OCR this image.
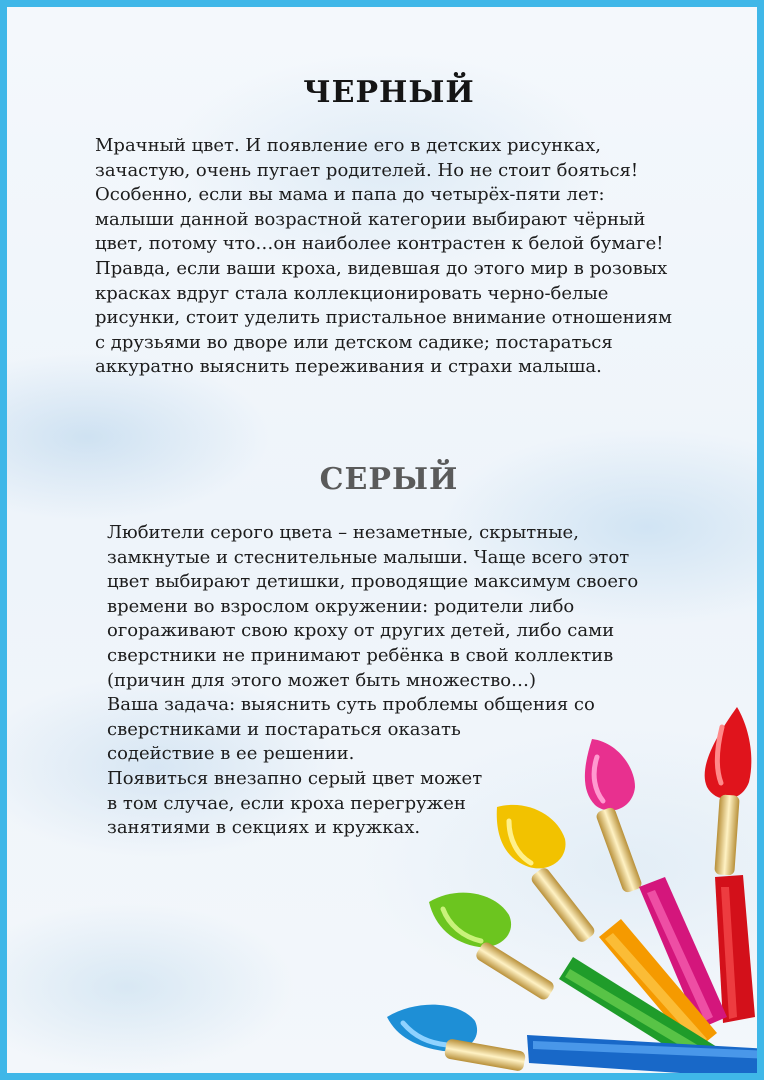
ЧЕРНЫЙ
Мрачный цвет. И появление его в детских рисунках,
зачастую, очень пугает родителей. Но не стоит бояться!
Особенно, если вы мама и папа до четырёх-пяти лет:
малыши данной возрастной категории выбирают чёрный
цвет, потому что…он наиболее контрастен к белой бумаге!
Правда, если ваши кроха, видевшая до этого мир в розовых
красках вдруг стала коллекционировать черно-белые
рисунки, стоит уделить пристальное внимание отношениям
с друзьями во дворе или детском садике; постараться
аккуратно выяснить переживания и страхи малыша.
СЕРЫЙ
Любители серого цвета – незаметные, скрытные,
замкнутые и стеснительные малыши. Чаще всего этот
цвет выбирают детишки, проводящие максимум своего
времени во взрослом окружении: родители либо
огораживают свою кроху от других детей, либо сами
сверстники не принимают ребёнка в свой коллектив
(причин для этого может быть множество…)
Ваша задача: выяснить суть проблемы общения со
сверстниками и постараться оказать
содействие в ее решении.
Появиться внезапно серый цвет может
в том случае, если кроха перегружен
занятиями в секциях и кружках.
